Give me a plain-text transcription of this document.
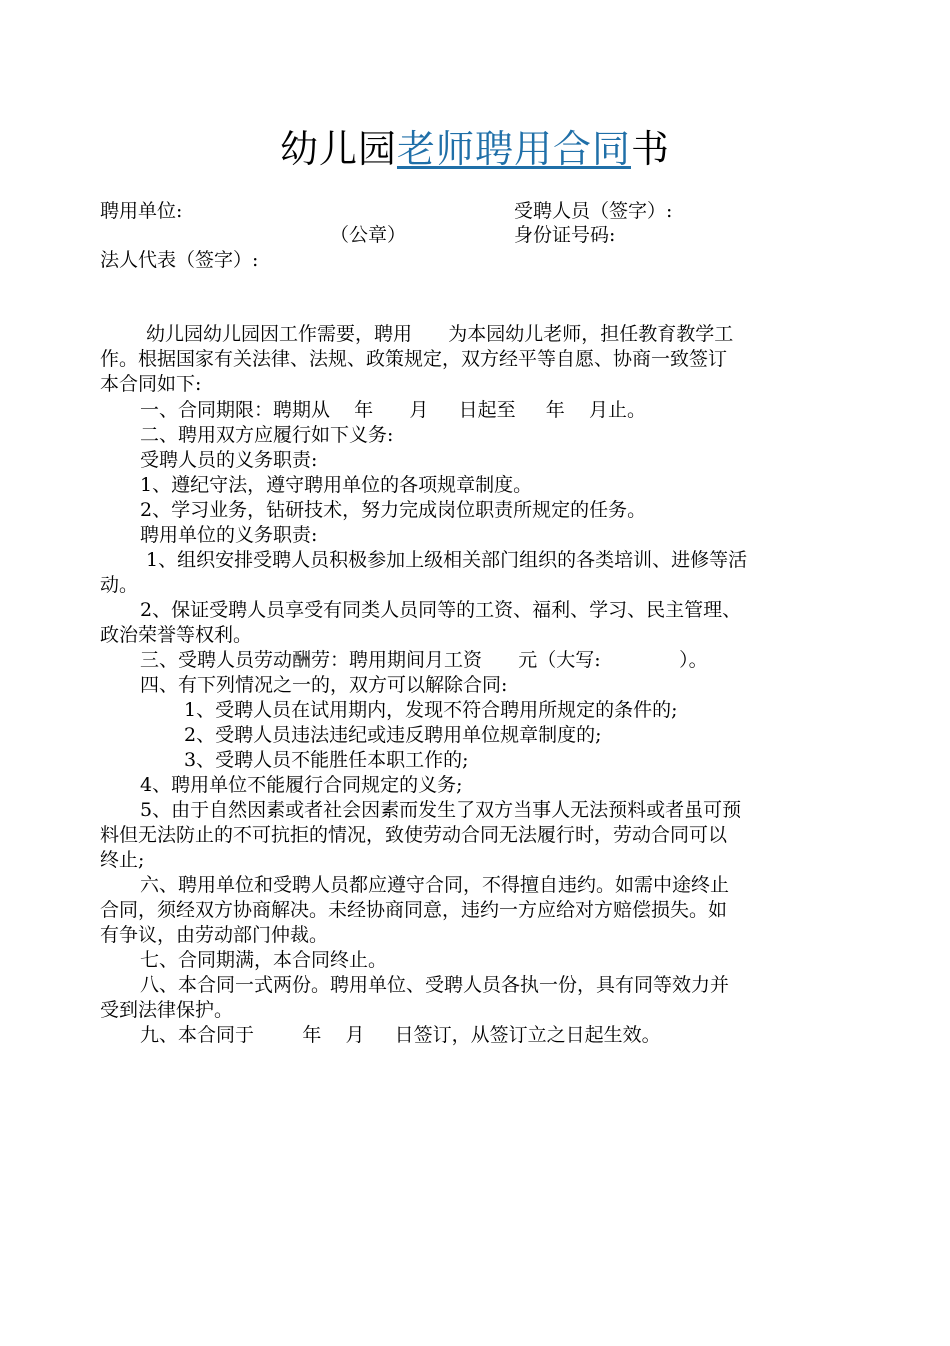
幼儿园老师聘用合同书
聘用单位:	受聘人员（签字）:
（公章）	身份证号码:
法人代表（签字）:
幼儿园幼儿园因工作需要，聘用      为本园幼儿老师，担任教育教学工
作。根据国家有关法律、法规、政策规定，双方经平等自愿、协商一致签订
本合同如下:
一、合同期限：聘期从    年      月     日起至     年    月止。
二、聘用双方应履行如下义务:
受聘人员的义务职责:
1、遵纪守法，遵守聘用单位的各项规章制度。
2、学习业务，钻研技术，努力完成岗位职责所规定的任务。
聘用单位的义务职责:
1、组织安排受聘人员积极参加上级相关部门组织的各类培训、进修等活
动。
2、保证受聘人员享受有同类人员同等的工资、福利、学习、民主管理、
政治荣誉等权利。
三、受聘人员劳动酬劳：聘用期间月工资      元（大写:             ）。
四、有下列情况之一的，双方可以解除合同:
1、受聘人员在试用期内，发现不符合聘用所规定的条件的;
2、受聘人员违法违纪或违反聘用单位规章制度的;
3、受聘人员不能胜任本职工作的;
4、聘用单位不能履行合同规定的义务;
5、由于自然因素或者社会因素而发生了双方当事人无法预料或者虽可预
料但无法防止的不可抗拒的情况，致使劳动合同无法履行时，劳动合同可以
终止;
六、聘用单位和受聘人员都应遵守合同，不得擅自违约。如需中途终止
合同，须经双方协商解决。未经协商同意，违约一方应给对方赔偿损失。如
有争议，由劳动部门仲裁。
七、合同期满，本合同终止。
八、本合同一式两份。聘用单位、受聘人员各执一份，具有同等效力并
受到法律保护。
九、本合同于        年    月     日签订，从签订立之日起生效。
